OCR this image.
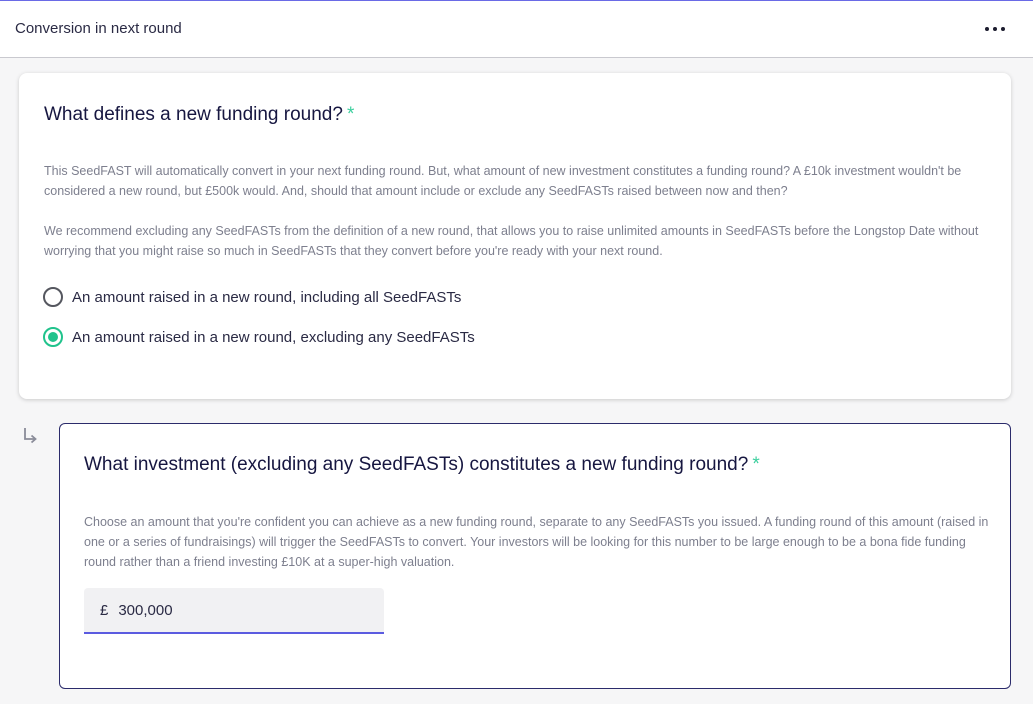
Conversion in next round
What defines a new funding round? *
This SeedFAST will automatically convert in your next funding round. But, what amount of new investment constitutes a funding round? A £10k investment wouldn't be considered a new round, but £500k would. And, should that amount include or exclude any SeedFASTs raised between now and then?
We recommend excluding any SeedFASTs from the definition of a new round, that allows you to raise unlimited amounts in SeedFASTs before the Longstop Date without worrying that you might raise so much in SeedFASTs that they convert before you're ready with your next round.
An amount raised in a new round, including all SeedFASTs
An amount raised in a new round, excluding any SeedFASTs
What investment (excluding any SeedFASTs) constitutes a new funding round? *
Choose an amount that you're confident you can achieve as a new funding round, separate to any SeedFASTs you issued. A funding round of this amount (raised in one or a series of fundraisings) will trigger the SeedFASTs to convert. Your investors will be looking for this number to be large enough to be a bona fide funding round rather than a friend investing £10K at a super-high valuation.
£
300,000
